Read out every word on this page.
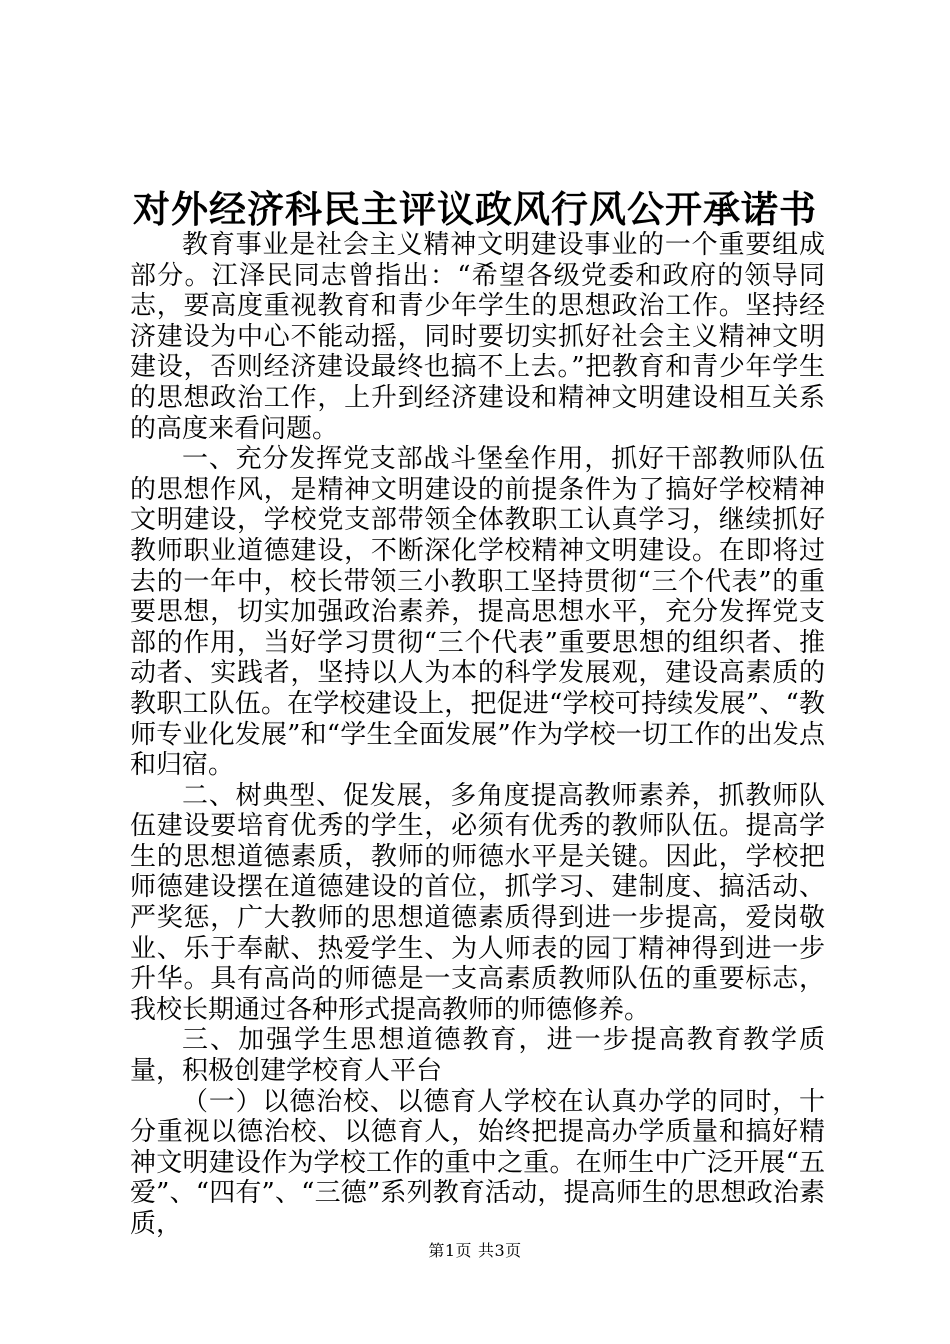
对外经济科民主评议政风行风公开承诺书

教育事业是社会主义精神文明建设事业的一个重要组成部分。江泽民同志曾指出：“希望各级党委和政府的领导同志，要高度重视教育和青少年学生的思想政治工作。坚持经济建设为中心不能动摇，同时要切实抓好社会主义精神文明建设，否则经济建设最终也搞不上去。”把教育和青少年学生的思想政治工作，上升到经济建设和精神文明建设相互关系的高度来看问题。

一、充分发挥党支部战斗堡垒作用，抓好干部教师队伍的思想作风，是精神文明建设的前提条件为了搞好学校精神文明建设，学校党支部带领全体教职工认真学习，继续抓好教师职业道德建设，不断深化学校精神文明建设。在即将过去的一年中，校长带领三小教职工坚持贯彻“三个代表”的重要思想，切实加强政治素养，提高思想水平，充分发挥党支部的作用，当好学习贯彻“三个代表”重要思想的组织者、推动者、实践者，坚持以人为本的科学发展观，建设高素质的教职工队伍。在学校建设上，把促进“学校可持续发展”、“教师专业化发展”和“学生全面发展”作为学校一切工作的出发点和归宿。

二、树典型、促发展，多角度提高教师素养，抓教师队伍建设要培育优秀的学生，必须有优秀的教师队伍。提高学生的思想道德素质，教师的师德水平是关键。因此，学校把师德建设摆在道德建设的首位，抓学习、建制度、搞活动、严奖惩，广大教师的思想道德素质得到进一步提高，爱岗敬业、乐于奉献、热爱学生、为人师表的园丁精神得到进一步升华。具有高尚的师德是一支高素质教师队伍的重要标志，我校长期通过各种形式提高教师的师德修养。

三、加强学生思想道德教育，进一步提高教育教学质量，积极创建学校育人平台

（一）以德治校、以德育人学校在认真办学的同时，十分重视以德治校、以德育人，始终把提高办学质量和搞好精神文明建设作为学校工作的重中之重。在师生中广泛开展“五爱”、“四有”、“三德”系列教育活动，提高师生的思想政治素质，

第1页 共3页
